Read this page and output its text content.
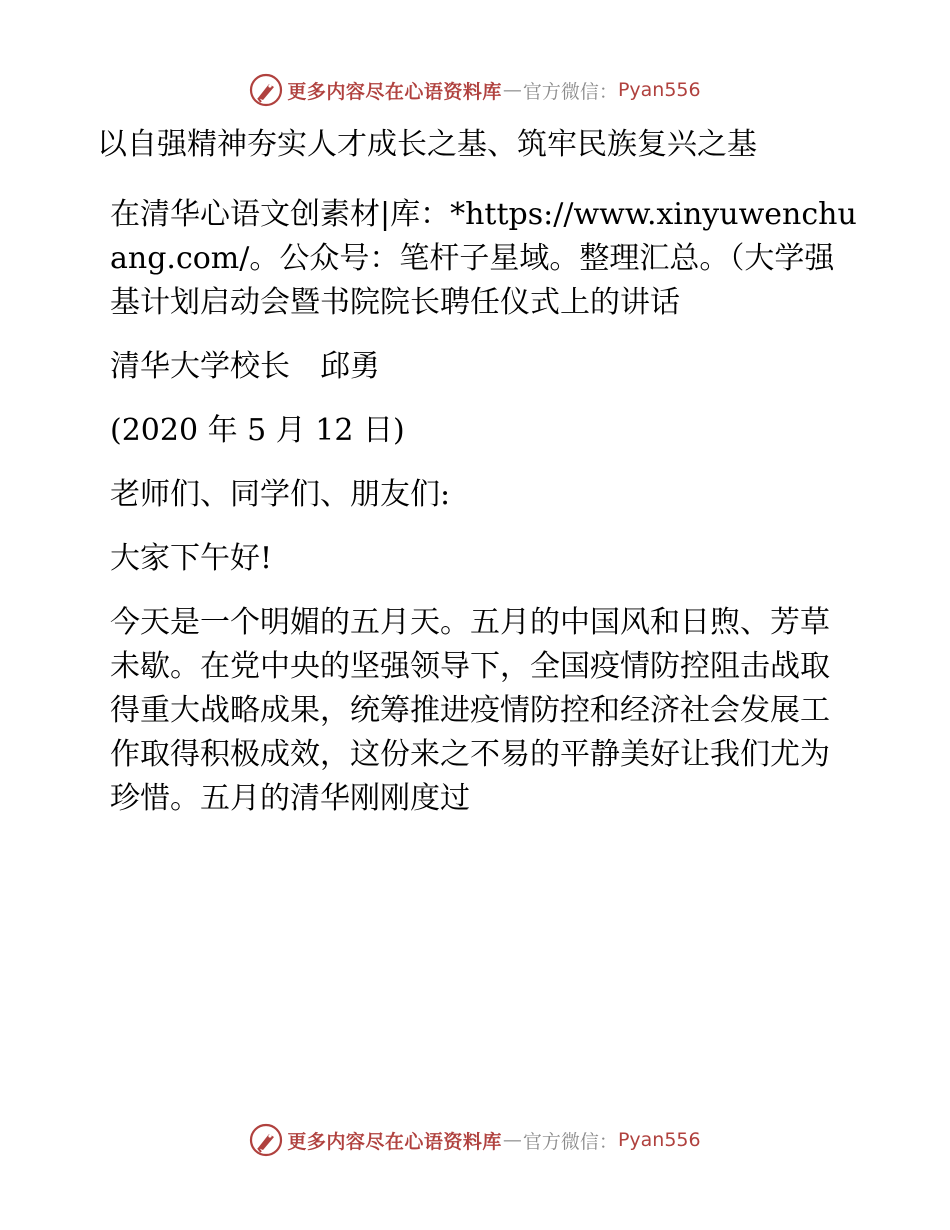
更多内容尽在心语资料库 — 官方微信： Pyan556

以自强精神夯实人才成长之基、筑牢民族复兴之基

在清华心语文创素材|库：*https://www.xinyuwenchuang.com/。公众号：笔杆子星域。整理汇总。（大学强基计划启动会暨书院院长聘任仪式上的讲话

清华大学校长　邱勇

(2020 年 5 月 12 日)

老师们、同学们、朋友们:

大家下午好!

今天是一个明媚的五月天。五月的中国风和日煦、芳草未歇。在党中央的坚强领导下，全国疫情防控阻击战取得重大战略成果，统筹推进疫情防控和经济社会发展工作取得积极成效，这份来之不易的平静美好让我们尤为珍惜。五月的清华刚刚度过

更多内容尽在心语资料库 — 官方微信： Pyan556
